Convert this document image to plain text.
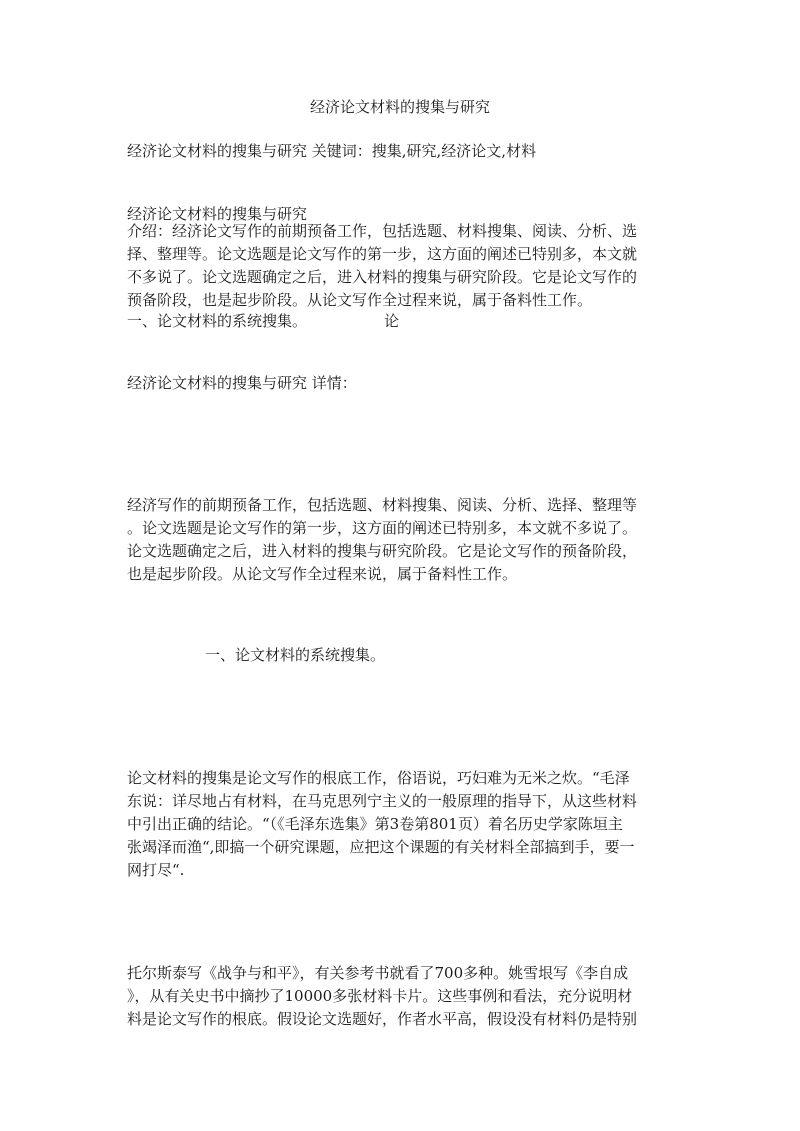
经济论文材料的搜集与研究
经济论文材料的搜集与研究 关键词：搜集,研究,经济论文,材料
经济论文材料的搜集与研究
介绍：经济论文写作的前期预备工作，包括选题、材料搜集、阅读、分析、选
择、整理等。论文选题是论文写作的第一步，这方面的阐述已特别多，本文就
不多说了。论文选题确定之后，进入材料的搜集与研究阶段。它是论文写作的
预备阶段，也是起步阶段。从论文写作全过程来说，属于备料性工作。
一、论文材料的系统搜集。	论
经济论文材料的搜集与研究 详情：
经济写作的前期预备工作，包括选题、材料搜集、阅读、分析、选择、整理等
。论文选题是论文写作的第一步，这方面的阐述已特别多，本文就不多说了。
论文选题确定之后，进入材料的搜集与研究阶段。它是论文写作的预备阶段，
也是起步阶段。从论文写作全过程来说，属于备料性工作。
一、论文材料的系统搜集。
论文材料的搜集是论文写作的根底工作，俗语说，巧妇难为无米之炊。“毛泽
东说：详尽地占有材料，在马克思列宁主义的一般原理的指导下，从这些材料
中引出正确的结论。“（《毛泽东选集》第3卷第801页）着名历史学家陈垣主
张竭泽而渔“,即搞一个研究课题，应把这个课题的有关材料全部搞到手，要一
网打尽“.
托尔斯泰写《战争与和平》，有关参考书就看了700多种。姚雪垠写《李自成
》，从有关史书中摘抄了10000多张材料卡片。这些事例和看法，充分说明材
料是论文写作的根底。假设论文选题好，作者水平高，假设没有材料仍是特别
